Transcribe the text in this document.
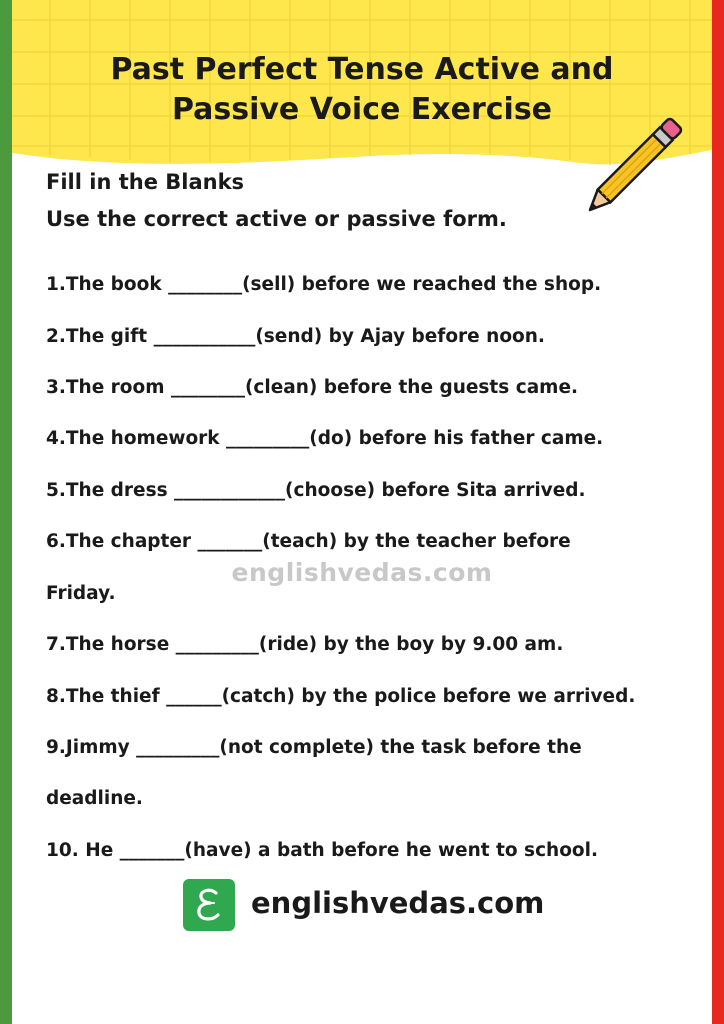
Past Perfect Tense Active and
Passive Voice Exercise
Fill in the Blanks
Use the correct active or passive form.
1.The book ________(sell) before we reached the shop.
2.The gift ___________(send) by Ajay before noon.
3.The room ________(clean) before the guests came.
4.The homework _________(do) before his father came.
5.The dress ____________(choose) before Sita arrived.
6.The chapter _______(teach) by the teacher before
Friday.
7.The horse _________(ride) by the boy by 9.00 am.
8.The thief ______(catch) by the police before we arrived.
9.Jimmy _________(not complete) the task before the
deadline.
10. He _______(have) a bath before he went to school.
englishvedas.com
englishvedas.com
